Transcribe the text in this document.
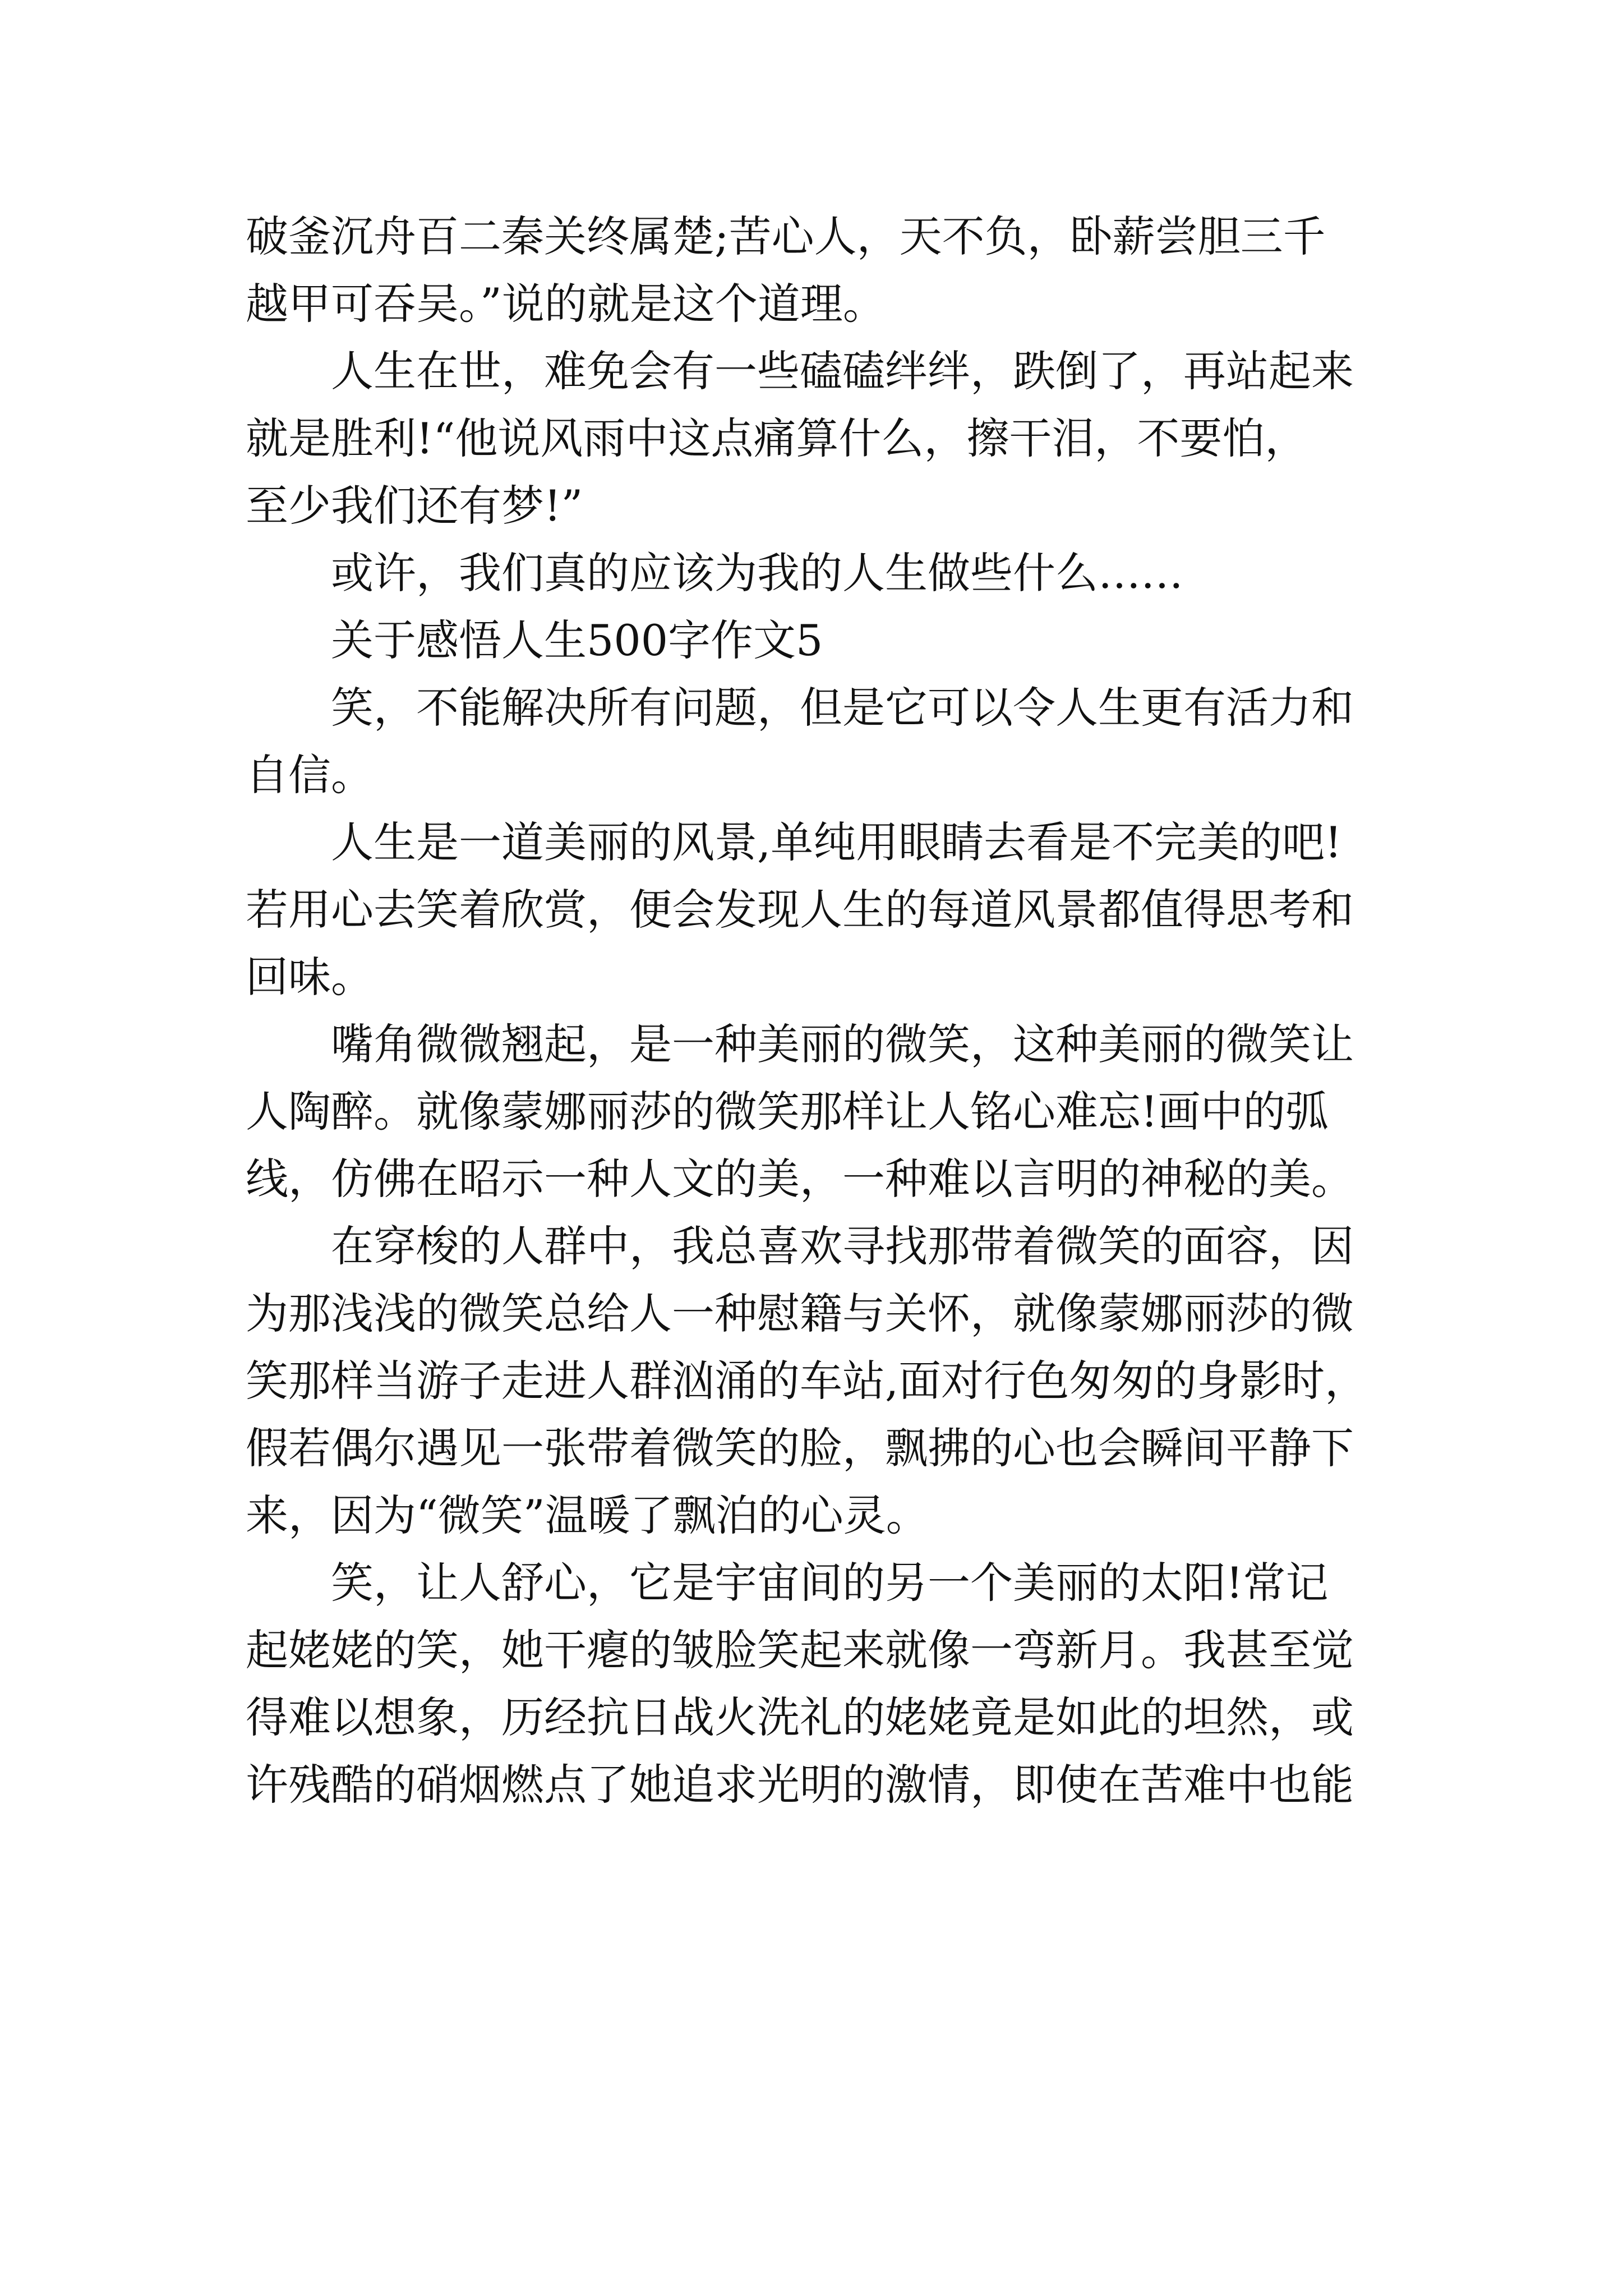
破釜沉舟百二秦关终属楚;苦心人，天不负，卧薪尝胆三千
越甲可吞吴。”说的就是这个道理。
人生在世，难免会有一些磕磕绊绊，跌倒了，再站起来
就是胜利!“他说风雨中这点痛算什么，擦干泪，不要怕，
至少我们还有梦!”
或许，我们真的应该为我的人生做些什么……
关于感悟人生500字作文5
笑，不能解决所有问题，但是它可以令人生更有活力和
自信。
人生是一道美丽的风景,单纯用眼睛去看是不完美的吧!
若用心去笑着欣赏，便会发现人生的每道风景都值得思考和
回味。
嘴角微微翘起，是一种美丽的微笑，这种美丽的微笑让
人陶醉。就像蒙娜丽莎的微笑那样让人铭心难忘!画中的弧
线，仿佛在昭示一种人文的美，一种难以言明的神秘的美。
在穿梭的人群中，我总喜欢寻找那带着微笑的面容，因
为那浅浅的微笑总给人一种慰籍与关怀，就像蒙娜丽莎的微
笑那样当游子走进人群汹涌的车站,面对行色匆匆的身影时，
假若偶尔遇见一张带着微笑的脸，飘拂的心也会瞬间平静下
来，因为“微笑”温暖了飘泊的心灵。
笑，让人舒心，它是宇宙间的另一个美丽的太阳!常记
起姥姥的笑，她干瘪的皱脸笑起来就像一弯新月。我甚至觉
得难以想象，历经抗日战火洗礼的姥姥竟是如此的坦然，或
许残酷的硝烟燃点了她追求光明的激情，即使在苦难中也能
